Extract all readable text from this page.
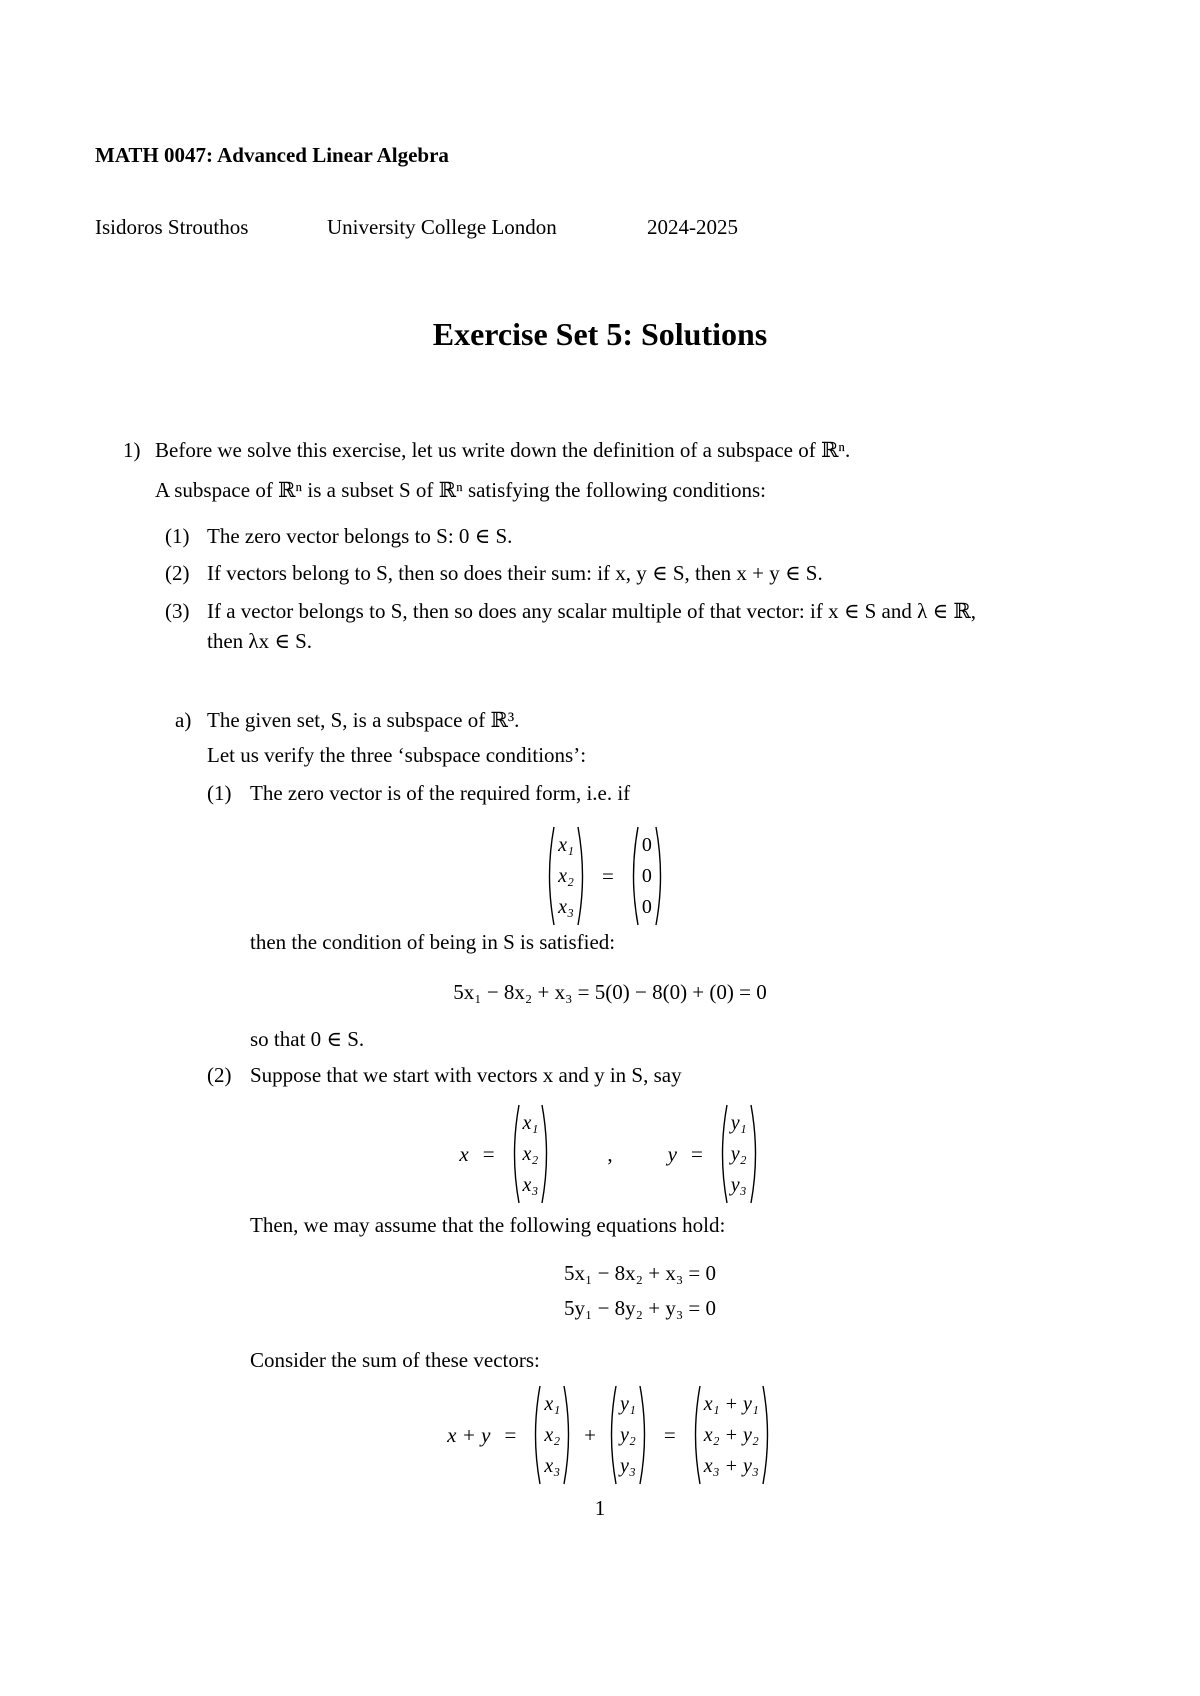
MATH 0047: Advanced Linear Algebra
Isidoros Strouthos	University College London	2024-2025
Exercise Set 5: Solutions
1) Before we solve this exercise, let us write down the definition of a subspace of ℝⁿ.
A subspace of ℝⁿ is a subset S of ℝⁿ satisfying the following conditions:
(1) The zero vector belongs to S: 0 ∈ S.
(2) If vectors belong to S, then so does their sum: if x, y ∈ S, then x + y ∈ S.
(3) If a vector belongs to S, then so does any scalar multiple of that vector: if x ∈ S and λ ∈ ℝ,
then λx ∈ S.
a) The given set, S, is a subspace of ℝ³.
Let us verify the three ‘subspace conditions’:
(1) The zero vector is of the required form, i.e. if
x₁
x₂
x₃
=
0
0
0
then the condition of being in S is satisfied:
5x₁ − 8x₂ + x₃ = 5(0) − 8(0) + (0) = 0
so that 0 ∈ S.
(2) Suppose that we start with vectors x and y in S, say
x =
x₁
x₂
x₃
,	y =
y₁
y₂
y₃
Then, we may assume that the following equations hold:
5x₁ − 8x₂ + x₃ = 0
5y₁ − 8y₂ + y₃ = 0
Consider the sum of these vectors:
x + y =
x₁
x₂
x₃
+
y₁
y₂
y₃
=
x₁ + y₁
x₂ + y₂
x₃ + y₃
1
